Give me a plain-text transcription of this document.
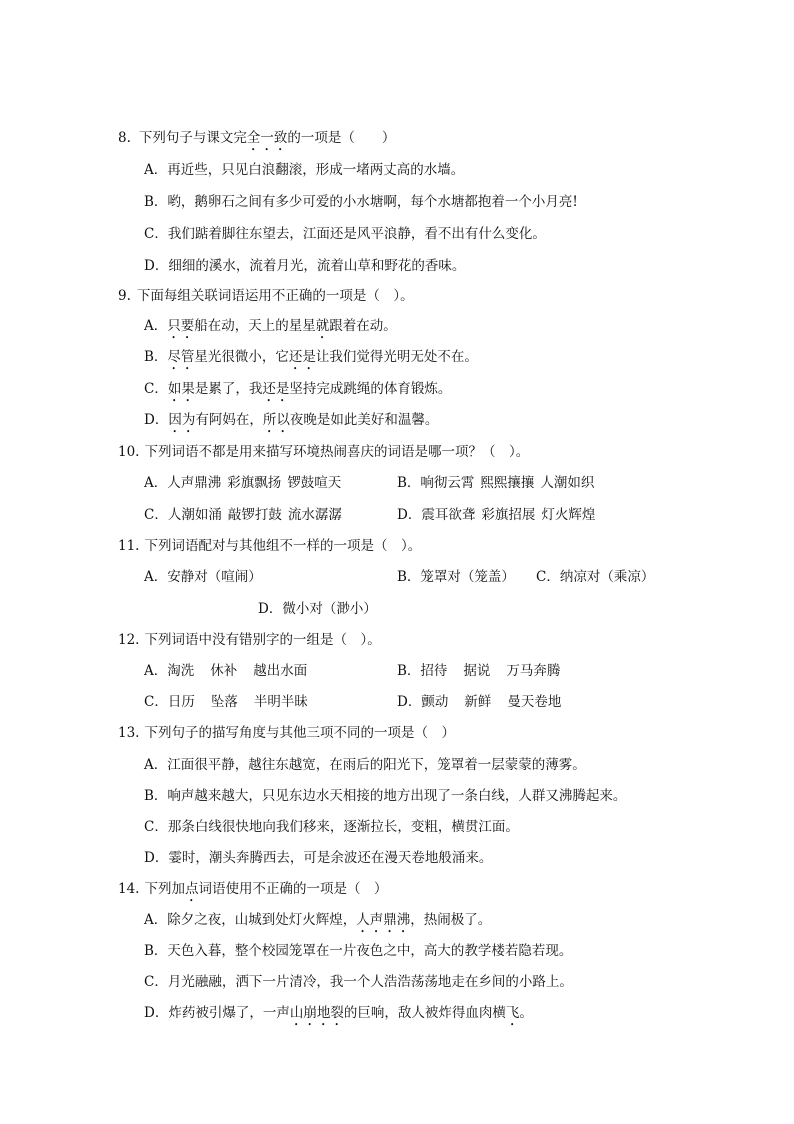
8. 下列句子与课文完全一致的一项是（　　）
A．再近些，只见白浪翻滚，形成一堵两丈高的水墙。
B．哟，鹅卵石之间有多少可爱的小水塘啊，每个水塘都抱着一个小月亮!
C．我们踮着脚往东望去，江面还是风平浪静，看不出有什么变化。
D．细细的溪水，流着月光，流着山草和野花的香味。
9. 下面每组关联词语运用不正确的一项是（　）。
A．只要船在动，天上的星星就跟着在动。
B．尽管星光很微小，它还是让我们觉得光明无处不在。
C．如果是累了，我还是坚持完成跳绳的体育锻炼。
D．因为有阿妈在，所以夜晚是如此美好和温馨。
10. 下列词语不都是用来描写环境热闹喜庆的词语是哪一项？（　）。
A．人声鼎沸 彩旗飘扬 锣鼓喧天	B．响彻云霄 熙熙攘攘 人潮如织
C．人潮如涌 敲锣打鼓 流水潺潺	D．震耳欲聋 彩旗招展 灯火辉煌
11. 下列词语配对与其他组不一样的一项是（　）。
A．安静对（喧闹）	B．笼罩对（笼盖） C．纳凉对（乘凉）
D．微小对（渺小）
12. 下列词语中没有错别字的一组是（　）。
A．淘洗 休补 越出水面	B．招待 据说 万马奔腾
C．日历 坠落 半明半昧	D．颤动 新鲜 曼天卷地
13. 下列句子的描写角度与其他三项不同的一项是（　）
A．江面很平静，越往东越宽，在雨后的阳光下，笼罩着一层蒙蒙的薄雾。
B．响声越来越大，只见东边水天相接的地方出现了一条白线，人群又沸腾起来。
C．那条白线很快地向我们移来，逐渐拉长，变粗，横贯江面。
D．霎时，潮头奔腾西去，可是余波还在漫天卷地般涌来。
14. 下列加点词语使用不正确的一项是（　）
A．除夕之夜，山城到处灯火辉煌，人声鼎沸，热闹极了。
B．天色入暮，整个校园笼罩在一片夜色之中，高大的教学楼若隐若现。
C．月光融融，洒下一片清冷，我一个人浩浩荡荡地走在乡间的小路上。
D．炸药被引爆了，一声山崩地裂的巨响，敌人被炸得血肉横飞。
